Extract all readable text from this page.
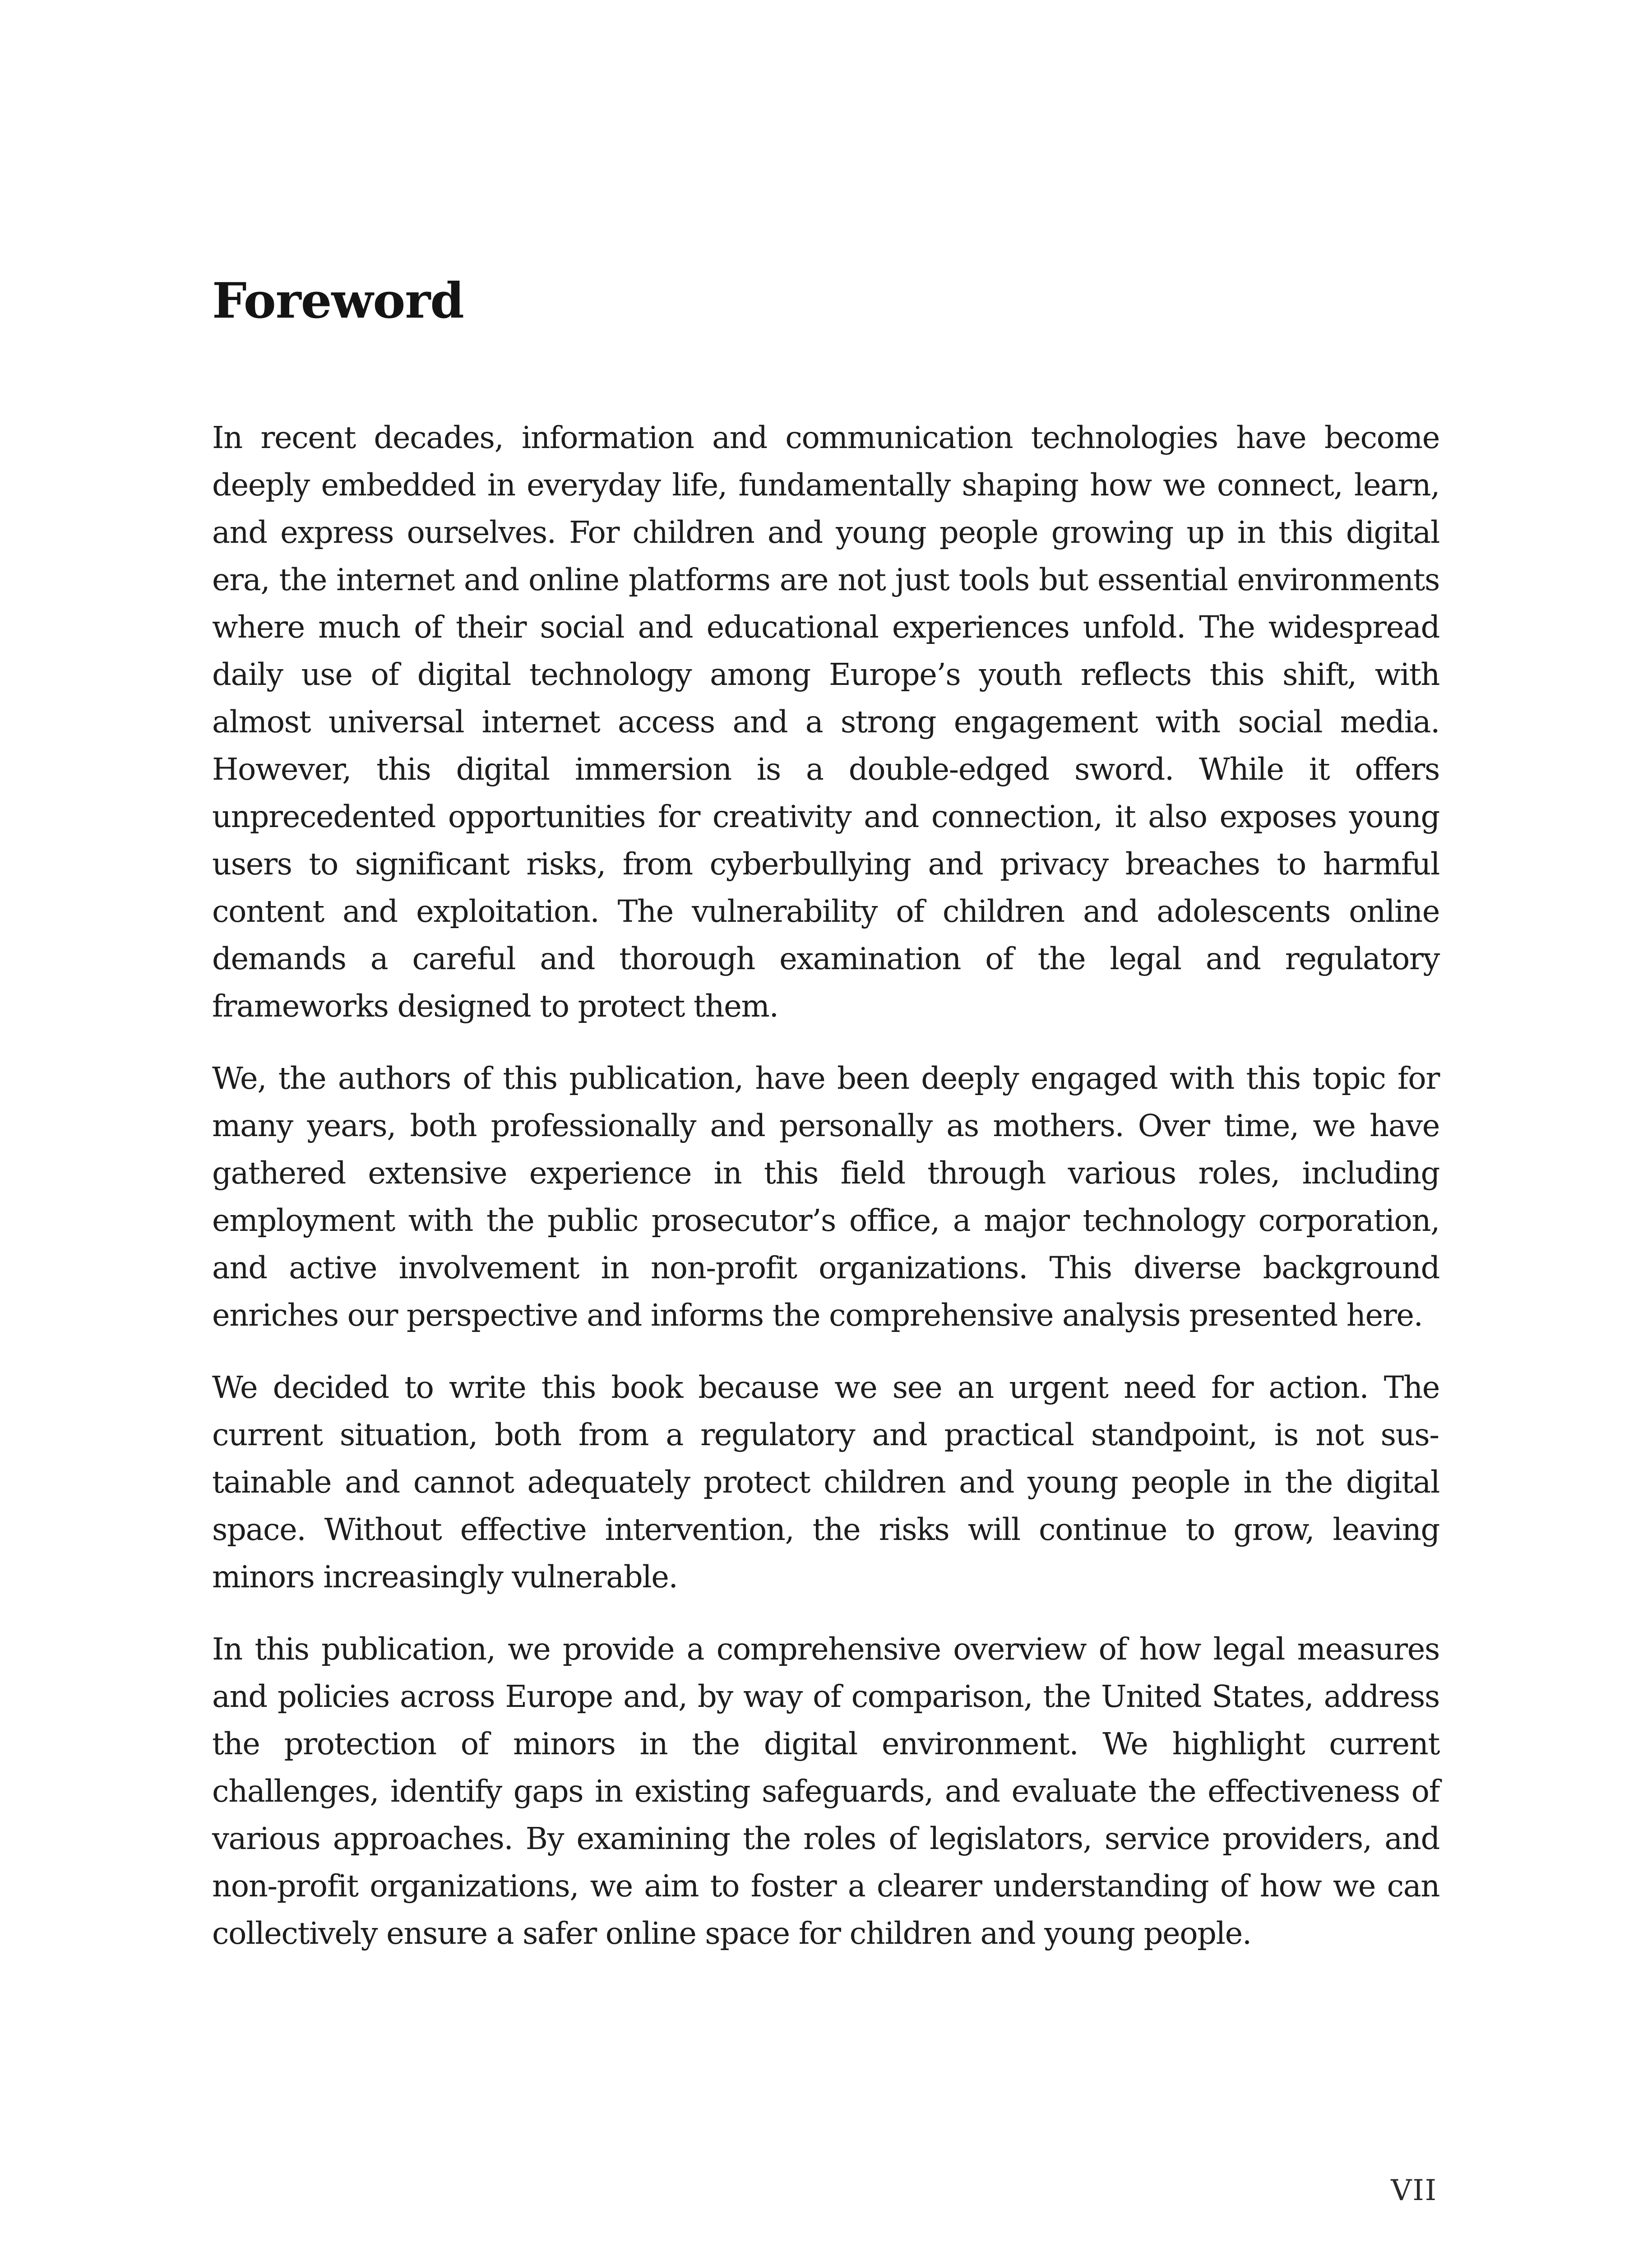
Foreword

In recent decades, information and communication technologies have become deeply embedded in everyday life, fundamentally shaping how we connect, learn, and express ourselves. For children and young people growing up in this digital era, the internet and online platforms are not just tools but essential environments where much of their social and educational experiences unfold. The widespread daily use of digital technology among Europe’s youth reflects this shift, with almost universal internet access and a strong engagement with social media. However, this digital immersion is a double-edged sword. While it offers unprecedented opportunities for creativity and connection, it also exposes young users to significant risks, from cyberbullying and privacy breaches to harmful content and exploitation. The vulnerability of children and adolescents online demands a careful and thorough examination of the legal and regulatory frameworks designed to protect them.

We, the authors of this publication, have been deeply engaged with this topic for many years, both professionally and personally as mothers. Over time, we have gathered extensive experience in this field through various roles, including employment with the public prosecutor’s office, a major technology corporation, and active involvement in non-profit organizations. This diverse background enriches our perspective and informs the comprehensive analysis presented here.

We decided to write this book because we see an urgent need for action. The current situation, both from a regulatory and practical standpoint, is not sustainable and cannot adequately protect children and young people in the digital space. Without effective intervention, the risks will continue to grow, leaving minors increasingly vulnerable.

In this publication, we provide a comprehensive overview of how legal measures and policies across Europe and, by way of comparison, the United States, address the protection of minors in the digital environment. We highlight current challenges, identify gaps in existing safeguards, and evaluate the effectiveness of various approaches. By examining the roles of legislators, service providers, and non-profit organizations, we aim to foster a clearer understanding of how we can collectively ensure a safer online space for children and young people.

VII
